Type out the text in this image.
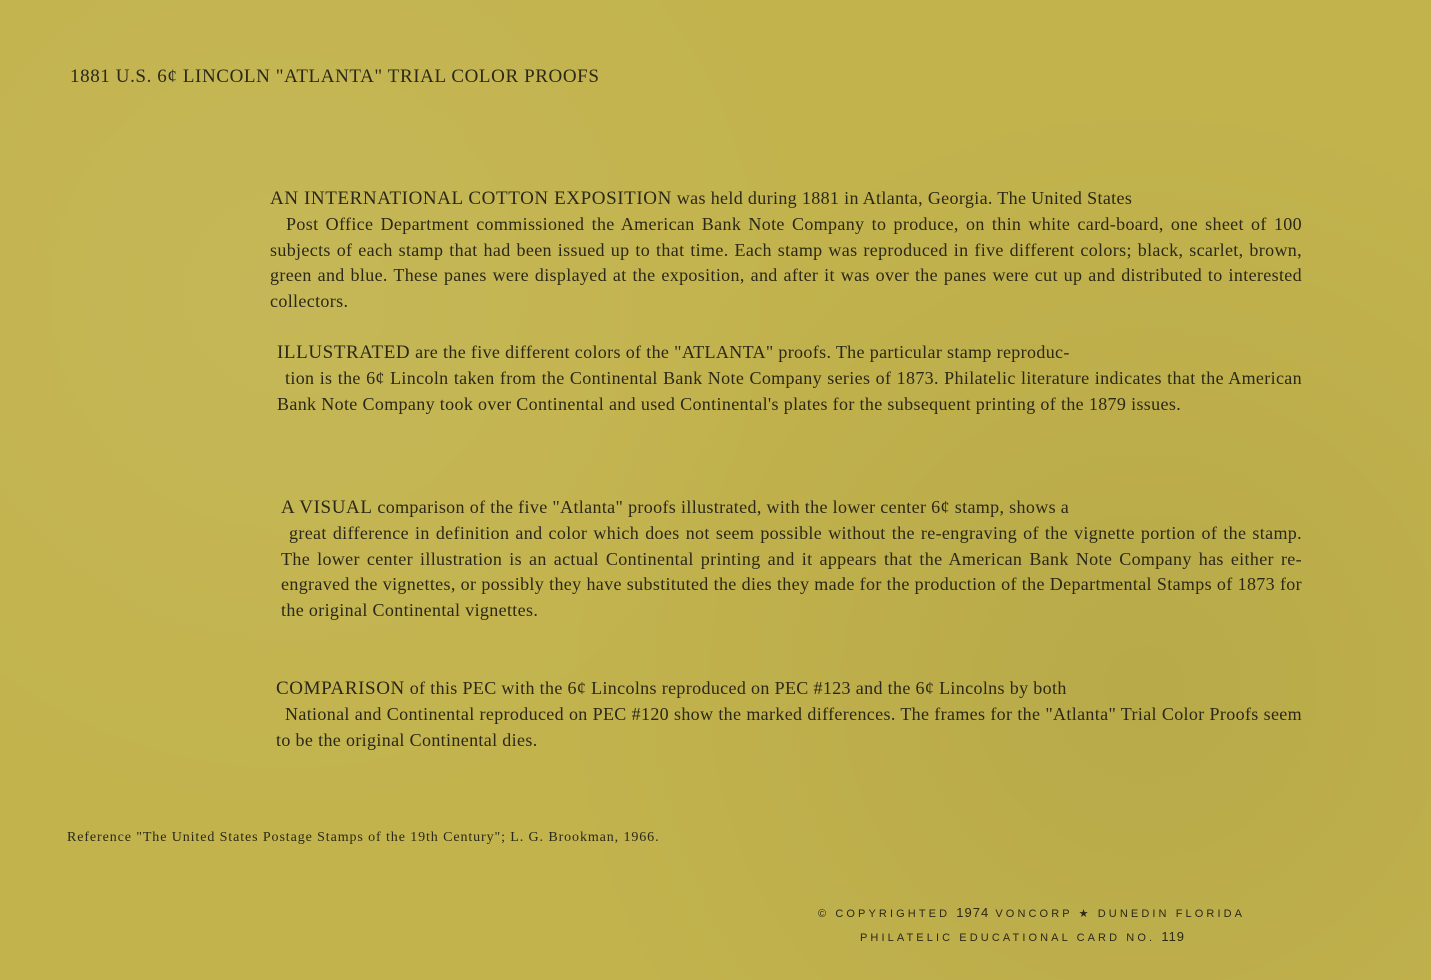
1881 U.S. 6¢ LINCOLN "ATLANTA" TRIAL COLOR PROOFS

AN INTERNATIONAL COTTON EXPOSITION was held during 1881 in Atlanta, Georgia. The United States
Post Office Department commissioned the American Bank Note Company to produce, on thin white card-board, one sheet of 100 subjects of each stamp that had been issued up to that time. Each stamp was reproduced in five different colors; black, scarlet, brown, green and blue. These panes were displayed at the exposition, and after it was over the panes were cut up and distributed to interested collectors.

ILLUSTRATED are the five different colors of the "ATLANTA" proofs. The particular stamp reproduc-
tion is the 6¢ Lincoln taken from the Continental Bank Note Company series of 1873. Philatelic literature indicates that the American Bank Note Company took over Continental and used Continental's plates for the subsequent printing of the 1879 issues.

A VISUAL comparison of the five "Atlanta" proofs illustrated, with the lower center 6¢ stamp, shows a
great difference in definition and color which does not seem possible without the re-engraving of the vignette portion of the stamp. The lower center illustration is an actual Continental printing and it appears that the American Bank Note Company has either re-engraved the vignettes, or possibly they have substituted the dies they made for the production of the Departmental Stamps of 1873 for the original Continental vignettes.

COMPARISON of this PEC with the 6¢ Lincolns reproduced on PEC #123 and the 6¢ Lincolns by both
National and Continental reproduced on PEC #120 show the marked differences. The frames for the "Atlanta" Trial Color Proofs seem to be the original Continental dies.

Reference "The United States Postage Stamps of the 19th Century"; L. G. Brookman, 1966.
© COPYRIGHTED 1974 VONCORP ★ DUNEDIN FLORIDA
PHILATELIC EDUCATIONAL CARD NO. 119
